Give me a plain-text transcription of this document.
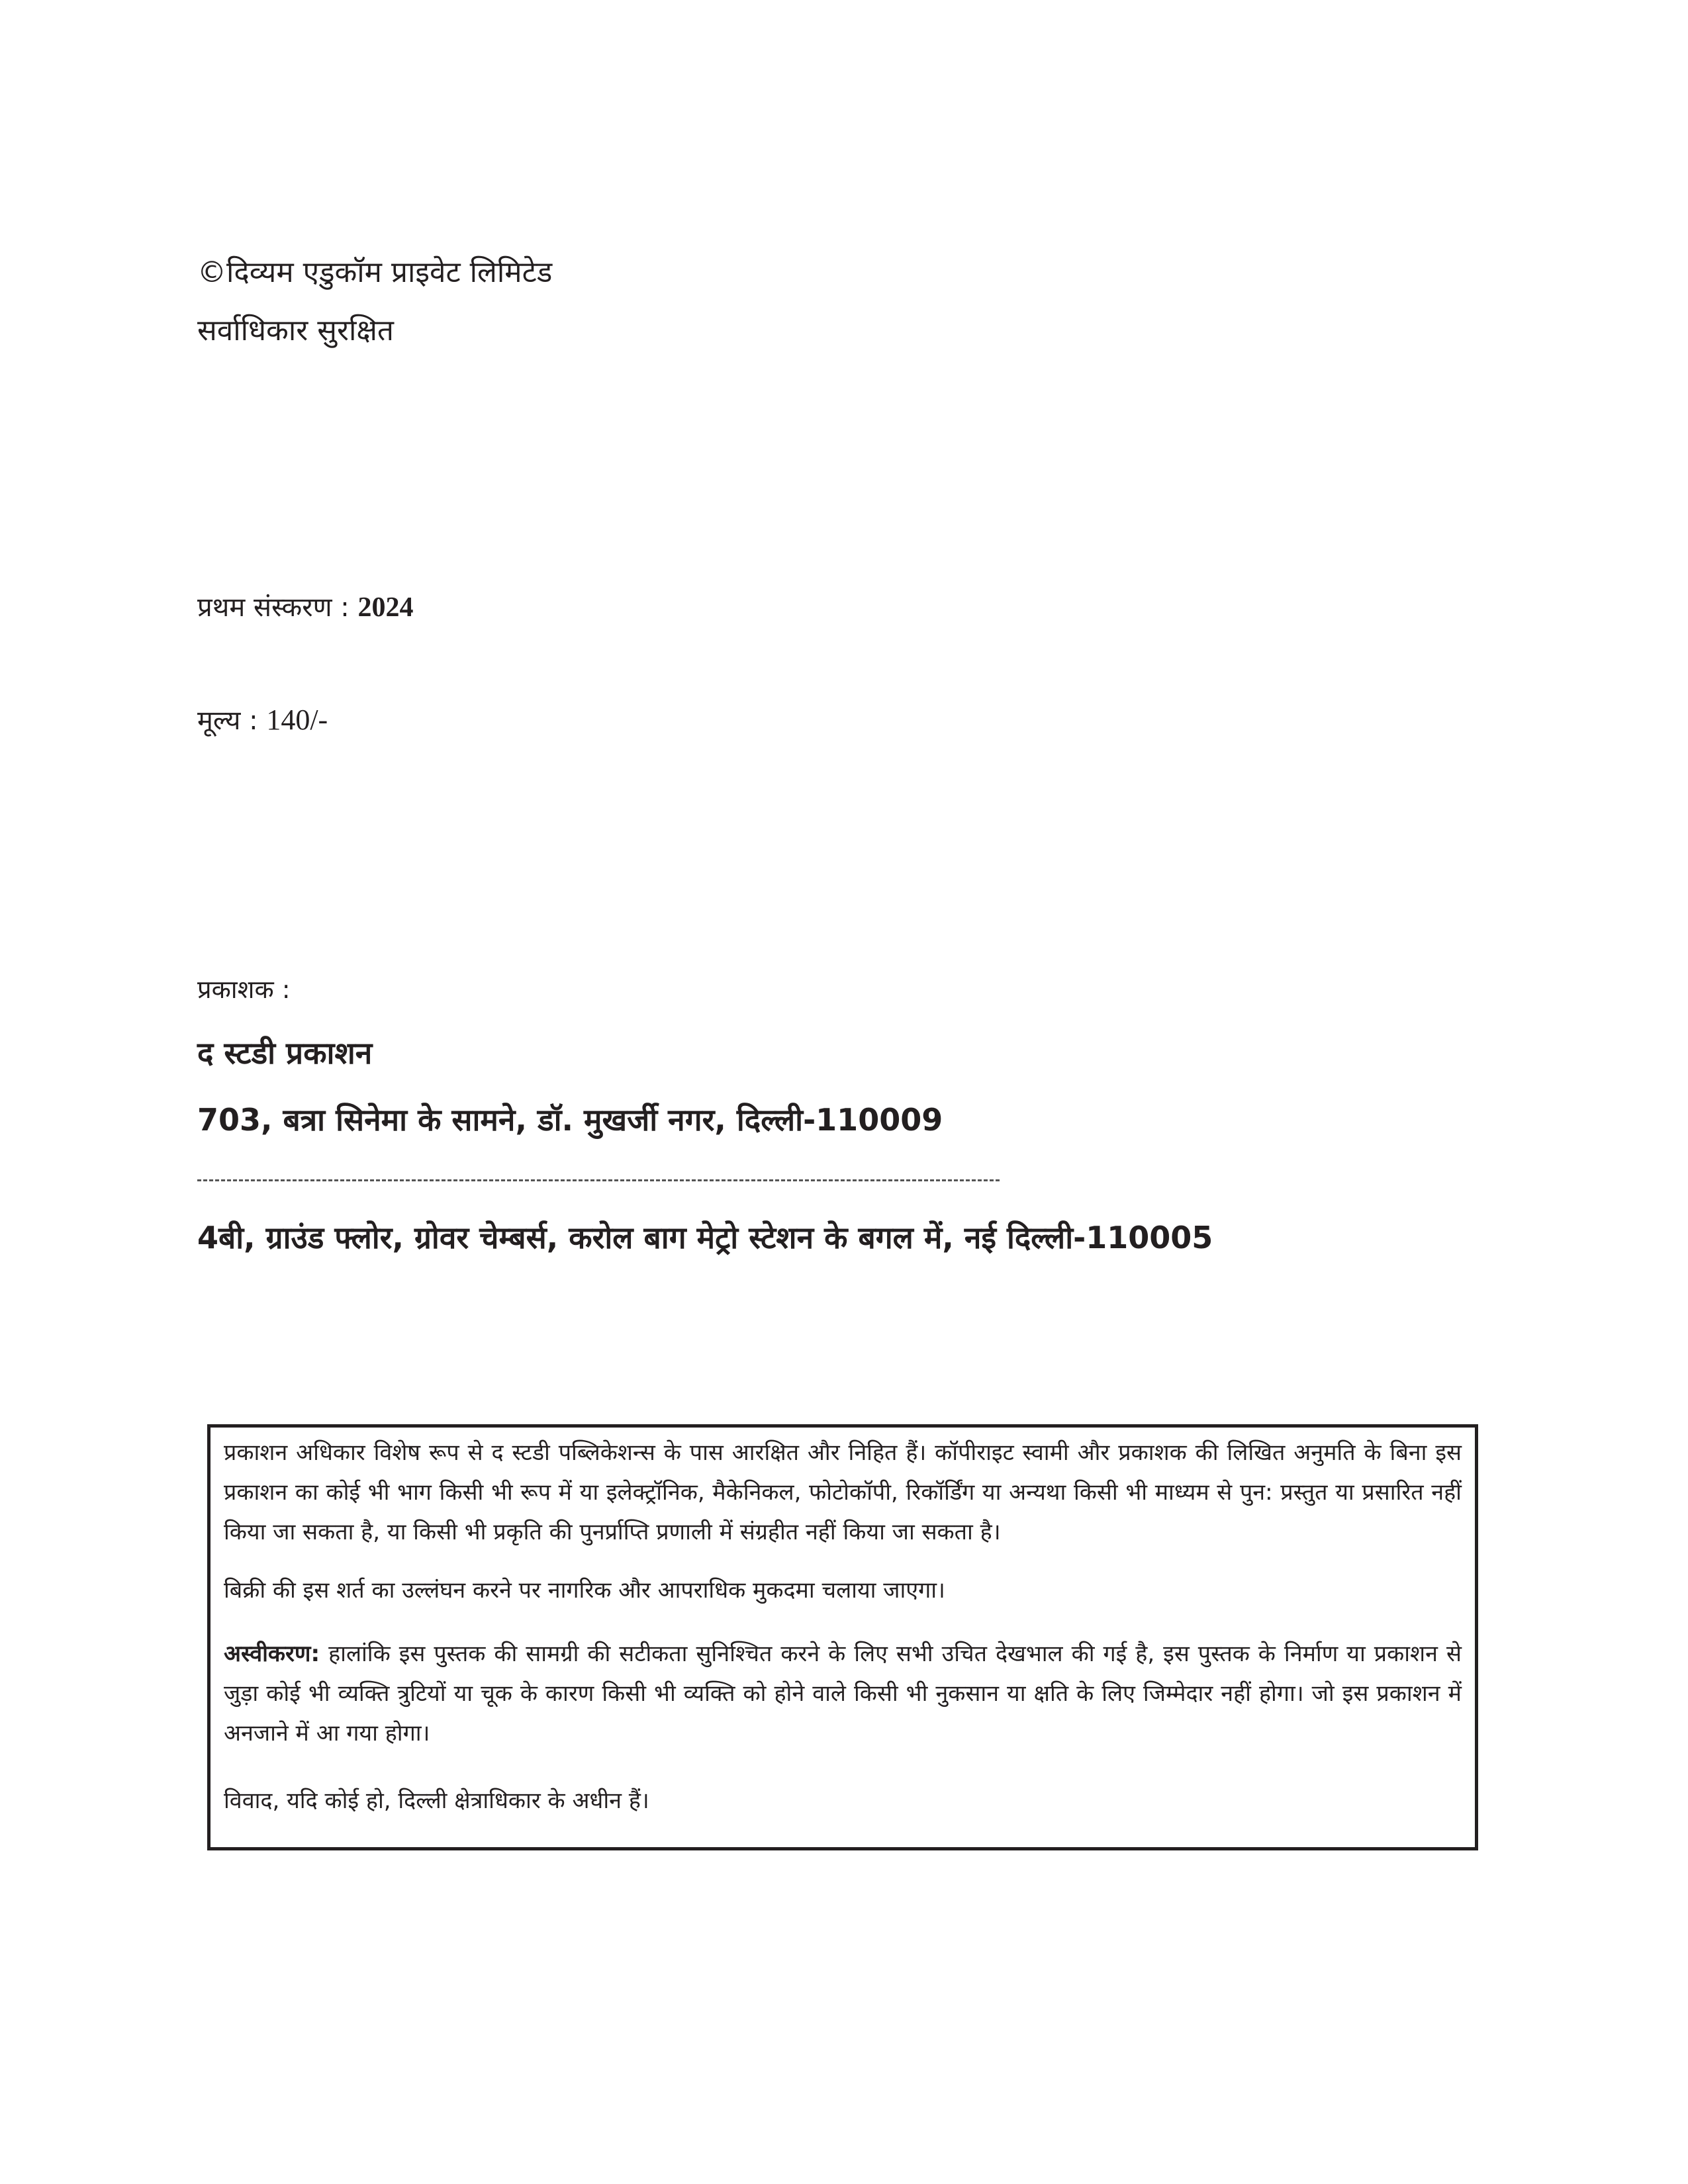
©दिव्यम एडुकॉम प्राइवेट लिमिटेड
सर्वाधिकार सुरक्षित
प्रथम संस्करण : 2024
मूल्य : 140/-
प्रकाशक :
द स्टडी प्रकाशन
703, बत्रा सिनेमा के सामने, डॉ. मुखर्जी नगर, दिल्ली-110009
4बी, ग्राउंड फ्लोर, ग्रोवर चेम्बर्स, करोल बाग मेट्रो स्टेशन के बगल में, नई दिल्ली-110005

प्रकाशन अधिकार विशेष रूप से द स्टडी पब्लिकेशन्स के पास आरक्षित और निहित हैं। कॉपीराइट स्वामी और प्रकाशक की लिखित अनुमति के बिना इस प्रकाशन का कोई भी भाग किसी भी रूप में या इलेक्ट्रॉनिक, मैकेनिकल, फोटोकॉपी, रिकॉर्डिंग या अन्यथा किसी भी माध्यम से पुन: प्रस्तुत या प्रसारित नहीं किया जा सकता है, या किसी भी प्रकृति की पुनर्प्राप्ति प्रणाली में संग्रहीत नहीं किया जा सकता है।

बिक्री की इस शर्त का उल्लंघन करने पर नागरिक और आपराधिक मुकदमा चलाया जाएगा।

अस्वीकरण: हालांकि इस पुस्तक की सामग्री की सटीकता सुनिश्चित करने के लिए सभी उचित देखभाल की गई है, इस पुस्तक के निर्माण या प्रकाशन से जुड़ा कोई भी व्यक्ति त्रुटियों या चूक के कारण किसी भी व्यक्ति को होने वाले किसी भी नुकसान या क्षति के लिए जिम्मेदार नहीं होगा। जो इस प्रकाशन में अनजाने में आ गया होगा।

विवाद, यदि कोई हो, दिल्ली क्षेत्राधिकार के अधीन हैं।
